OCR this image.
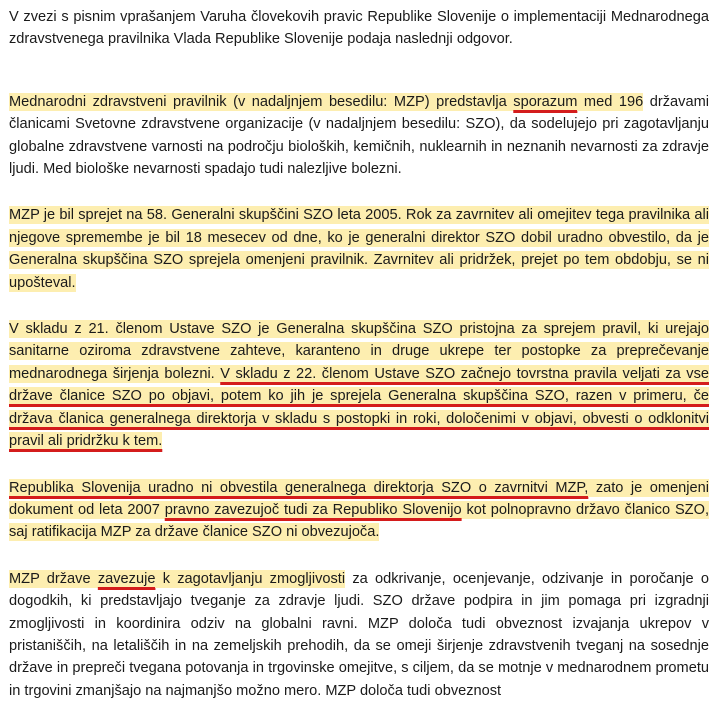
V zvezi s pisnim vprašanjem Varuha človekovih pravic Republike Slovenije o implementaciji Mednarodnega zdravstvenega pravilnika Vlada Republike Slovenije podaja naslednji odgovor.

Mednarodni zdravstveni pravilnik (v nadaljnjem besedilu: MZP) predstavlja sporazum med 196 državami članicami Svetovne zdravstvene organizacije (v nadaljnjem besedilu: SZO), da sodelujejo pri zagotavljanju globalne zdravstvene varnosti na področju bioloških, kemičnih, nuklearnih in neznanih nevarnosti za zdravje ljudi. Med biološke nevarnosti spadajo tudi nalezljive bolezni.

MZP je bil sprejet na 58. Generalni skupščini SZO leta 2005. Rok za zavrnitev ali omejitev tega pravilnika ali njegove spremembe je bil 18 mesecev od dne, ko je generalni direktor SZO dobil uradno obvestilo, da je Generalna skupščina SZO sprejela omenjeni pravilnik. Zavrnitev ali pridržek, prejet po tem obdobju, se ni upošteval.

V skladu z 21. členom Ustave SZO je Generalna skupščina SZO pristojna za sprejem pravil, ki urejajo sanitarne oziroma zdravstvene zahteve, karanteno in druge ukrepe ter postopke za preprečevanje mednarodnega širjenja bolezni. V skladu z 22. členom Ustave SZO začnejo tovrstna pravila veljati za vse države članice SZO po objavi, potem ko jih je sprejela Generalna skupščina SZO, razen v primeru, če država članica generalnega direktorja v skladu s postopki in roki, določenimi v objavi, obvesti o odklonitvi pravil ali pridržku k tem.

Republika Slovenija uradno ni obvestila generalnega direktorja SZO o zavrnitvi MZP, zato je omenjeni dokument od leta 2007 pravno zavezujoč tudi za Republiko Slovenijo kot polnopravno državo članico SZO, saj ratifikacija MZP za države članice SZO ni obvezujoča.

MZP države zavezuje k zagotavljanju zmogljivosti za odkrivanje, ocenjevanje, odzivanje in poročanje o dogodkih, ki predstavljajo tveganje za zdravje ljudi. SZO države podpira in jim pomaga pri izgradnji zmogljivosti in koordinira odziv na globalni ravni. MZP določa tudi obveznost izvajanja ukrepov v pristaniščih, na letališčih in na zemeljskih prehodih, da se omeji širjenje zdravstvenih tveganj na sosednje države in prepreči tvegana potovanja in trgovinske omejitve, s ciljem, da se motnje v mednarodnem prometu in trgovini zmanjšajo na najmanjšo možno mero. MZP določa tudi obveznost
